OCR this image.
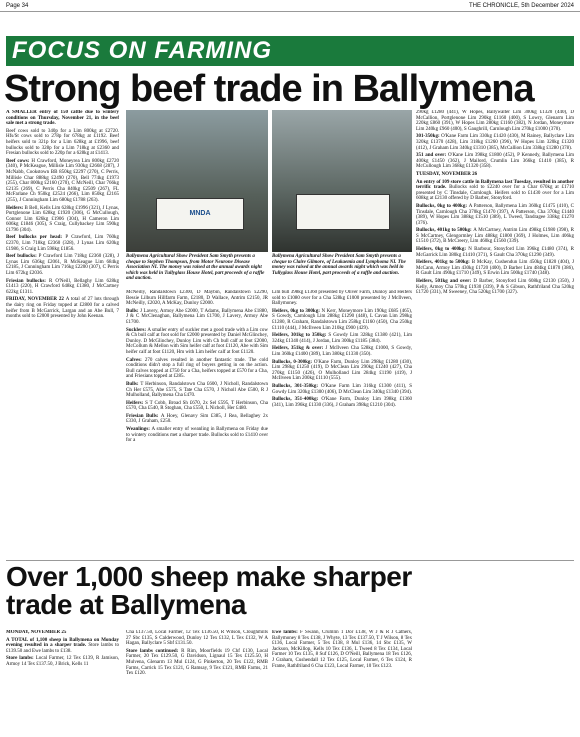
Page 34	THE CHRONICLE, 5th December 2024
FOCUS ON FARMING
Strong beef trade in Ballymena

A SMALLER entry of 150 cattle due to wintery conditions on Thursday, November 21, in the beef sale met a strong trade.

Beef cows sold to 340p for a Lim 800kg at £2720. Hfs/St cows sold to 278p for 678kg at £1192. Beef heifers sold to 321p for a Lim 628kg at £1996, beef bullocks sold to 328p for a Lim 718kg at £2360 and Fresian bullocks sold to 220p for a 628kg at £1413.

Beef cows: H Crawford, Moneyrea Lim 800kg £2720 (340), P McKeague, Millisle Lim 930kg £2668 (287), J McNabb, Cookstown BB 850kg £2297 (270), C Perris, Millisle Char 888kg £2490 (270), Bell 774kg £1973 (255), Char 800kg £2160 (270), C McNeill, Char 766kg £2135 (269), C Perris Cha 840kg £2509 (267), FL McFarlane Ch 950kg £2524 (266), Lim 850kg £2165 (255), J Cunningham Lim 680kg £1788 (263).

Heifers: B Bell, Kells Lim 628kg £1996 (321), J Lynas, Portglenone Lim 628kg £1920 (306), G McCullough, Connor Lim 626kg £1906 (304), H Cameron Lim 606kg £1846 (305), S Craig, Cullybackey Lim 590kg £1796 (304).

Beef bullocks per head: P Crawford, Lim 760kg £2370, Lim 718kg £2360 (328), J Lynas Lim 620kg £1986, S Craig Lim 598kg £1856.

Beef bullocks: P Crawford Lim 718kg £2360 (328), J Lynas Lim 636kg £2061, R McKeague Lim 684kg £2185, J Cunningham Lim 716kg £2200 (307), C Perris Lim 672kg £2036.

Friesian bullocks: R O'Neill, Bellaghy Lim 628kg £1413 (220), H Crawford 648kg £1380, J McCartney 622kg £1311.

FRIDAY, NOVEMBER 22 A total of 27 lots through the dairy ring on Friday topped at £2800 for a calved heifer from B McGarrick, Largan and an Abe Bull, 7 months sold to £2000 presented by John Keenan.

MNDA
Ballymena Agricultural Show President Sam Smyth presents a cheque to Stephen Thompson, from Motor Neurone Disease Association NI. The money was raised at the annual awards night which was held in Tullyglass House Hotel, part proceeds of a raffle and auction.
Ballymena Agricultural Show President Sam Smyth presents a cheque to Claire Gilmore, of Leukaemia and Lymphoma NI. The money was raised at the annual awards night which was held in Tullyglass House Hotel, part proceeds of a raffle and auction.

McNeilly, Randalstown £2300, D Maybin, Randalstown £2290, Bessie Lilburn Hillfarm Farm, £2180, D Wallace, Antrim £2150, JR McNeilly, £2020, A McKay, Dunloy £2000.

Bulls: J Lavery, Armoy Abe £2000, T Adams, Ballymena Abe £1880, J & C McClenaghan, Ballymena Lim £1700, J Lavery, Armoy Abe £1700.

Sucklers: A smaller entry of suckler met a good trade with a Lim cow & Ch bull calf at foot sold for £2000 presented by Daniel McGlinchey, Dunloy. D McGlinchey, Dunloy Lim with Ch bull calf at foot £2000, McCollum & Mellon with Sim heifer calf at foot £1120, Abe with Sim heifer calf at foot £1120, Hm with Lim heifer calf at foot £1120.

Calves: 270 calves resulted in another fantastic trade. The cold conditions didn't stop a full ring of buyers getting in on the action. Bull calves topped at £750 for a Cha, heifers topped at £570 for a Cha, and Friesians topped at £285.

Bulls: T Herbinson, Randalstown Cha £600, J Nicholl, Randalstown Ch Her £575, Abe £575, S Tate Cha £570, J Nicholl Abe £500, R J Mulholland, Ballymena Cha £470.

Heifers: S T Cobb, Broad Sh £670, 2x Sel £595, T Herbinson, Cha £570, Cha £540, R Stoghan, Cha £550, L Nicholl, Her £480.

Friesian Bulls: A Hoey, Glenavy Sim £385, J Rea, Bellaghey 2x £330, J Graham, £250.

Weanlings: A smaller entry of weanling in Ballymena on Friday due to wintery conditions met a sharper trade. Bullocks sold to £1410 over for a

Lim bull 398kg £1360 presented by Oliver Farm, Dunloy and Heifers sold to £1080 over for a Cha 528kg £1000 presented by J McIlveen, Ballymoney.

Heifers, 0kg to 300kg: N Kerr, Moneymore Lim 190kg £685 (465), S Gowdy, Carnlough Lim 288kg £1290 (448), L Cavan Lim 298kg £1280, R Graham, Randalstown Lim 258kg £1160 (450), Cha 250kg £1110 (444), J McIlveen Lim 210kg £900 (429).

Heifers, 301kg to 350kg: S Gowdy Lim 328kg £1380 (421), Lim 324kg £1340 (414), J Jordan, Lim 300kg £1185 (384).

Heifers, 351kg & over: J McIlveen Cha 528kg £1000, S Gowdy, Lim 360kg £1400 (389), Lim 380kg £1330 (350).

Bullocks, 0-300kg: O'Kane Farm, Dunloy Lim 298kg £1280 (430), Lim 298kg £1250 (419), D McClean Lim 290kg £1240 (427), Cha 270kg £1150 (426), O Mulholland Lim 284kg £1190 (419), J McIlveen Lim 200kg £1110 (555).

Bullocks, 301-350kg: O'Kane Farm Lim 316kg £1300 (411), S Gowdy Lim 320kg £1300 (406), D McClean Lim 340kg £1340 (394).

Bullocks, 351-400kg: O'Kane Farm, Dunloy Lim 398kg £1360 (341), Lim 396kg £1330 (336), J Graham 398kg £1210 (304).

290kg £1280 (441), W Hopes, Ballywalter Lim 300kg £1320 (440), D McCallion, Portglenone Lim 290kg £1160 (400), S Lowry, Glenarm Lim 220kg £860 (391), W Hopes Lim 280kg £1160 (382), N Jordan, Moneymore Lim 240kg £960 (400), S Gaughrill, Carnlough Lim 270kg £1000 (370).

301-350kg: O'Kane Farm Lim 330kg £1420 (430), M Rainey, Ballyclare Lim 320kg £1370 (428), Lim 318kg £1260 (396), W Hopes Lim 320kg £1320 (412), J Graham Lim 340kg £1310 (385), McCallion Lim 338kg £1280 (378).

351 and over: O'Kane Lim 398kg £1800 (452), P Kennedy, Ballymena Lim 400kg £1450 (362), J Mailord, Crumlin Lim 366kg £1410 (385), R McCullough Lim 368kg £1320 (358).

TUESDAY, NOVEMBER 26

An entry of 109 store cattle in Ballymena last Tuesday, resulted in another terrific trade. Bullocks sold to £2240 over for a Char 670kg at £1710 presented by C Tinsdale, Carnlough. Heifers sold to £1430 over for a Lim 608kg at £2130 offered by D Barber, Stonyford.

Bullocks, 0kg to 400kg: A Patterson, Ballymena Lim 360kg £1475 (410), C Tinsdale, Carnlough Cha 370kg £1470 (397), A Patterson, Cha 370kg £1440 (389), W Hopes Lim 388kg £1510 (389), L Tweed, Tandragee 338kg £1270 (376).

Bullocks, 401kg to 500kg: A McCartney, Antrim Lim 498kg £1980 (398), R S McCartney, Glengormley Lim 488kg £1800 (369), J Holmes, Lim 406kg £1510 (372), B McCreery, Lim 460kg £1560 (339).

Heifers, 0kg to 400kg: N Barbour, Stonyford Lim 396kg £1480 (374), R McGarrick Lim 380kg £1410 (371), S Gault Cha 370kg £1290 (349).

Heifers, 401kg to 500kg: B McKay, Cushendun Lim 450kg £1820 (404), J McCann, Armoy Lim 430kg £1720 (400), D Barber Lim 484kg £1870 (386), R Gault Lim 490kg £1710 (349), S Erwin Lim 500kg £1740 (348).

Heifers, 501kg and over: D Barber, Stonyford Lim 608kg £2130 (350), J Kelly, Armoy Cha 570kg £1930 (339), P & S Gibson, Rathfriland Cha 520kg £1720 (331), M Sweeney, Cha 520kg £1700 (327).

Over 1,000 sheep make sharper trade at Ballymena

MONDAY, NOVEMBER 25

A TOTAL of 1,100 sheep in Ballymena on Monday evening resulted in a sharper trade. Store lambs to £139.50 and Ewe lambs to £138.

Store lambs: Local Farmer, 12 Tex £139, R Jamison, Armoy 14 Tex £137.50, J Brick, Kells 11

Cha £137.50, Local Farmer, 12 Tex £136.50, R Wilson, Cloughmills 27 Sbc £135, S Calderwood, Dunloy 12 Tex £132, L Tex £132, W A Hagan, Ballyclare 5 Sbf £131.50.

Store lambs continued: R Rim, Moorfields 19 Chf £130, Local Farmer, 20 Tex £129.50, G Davidson, Lignaul 15 Tex £125.50, H Mulvena, Glenarm 13 Mul £124, G Pinkerton, 20 Tex £122, RMB Farms, Carrick 15 Tex £121, G Ramsay, 9 Tex £121, RMB Farms, 21 Tex £120.

Ewe lambs: F Swann, Crumlin 1 Dor £138, W J & R J Cathers, Ballymoney 8 Tex £138, J Whyte, 13 Tex £137.50, T J Wilson, 8 Tex £136, Local Farmer, 5 Tex £138, 8 Mul £136, 14 Sbc £135, W Jackson, McKillop, Kells 10 Tex £136, L Tweed 8 Tex £134, Local Farmer 10 Tex £135, 8 Suf £126, D O'Neill, Ballymena 18 Tex £126, J Graham, Cushendall 12 Tex £125, Local Farmer, 6 Tex £124, R Frame, Rathfriland 6 Cha £123, Local Farmer, 10 Tex £123.
